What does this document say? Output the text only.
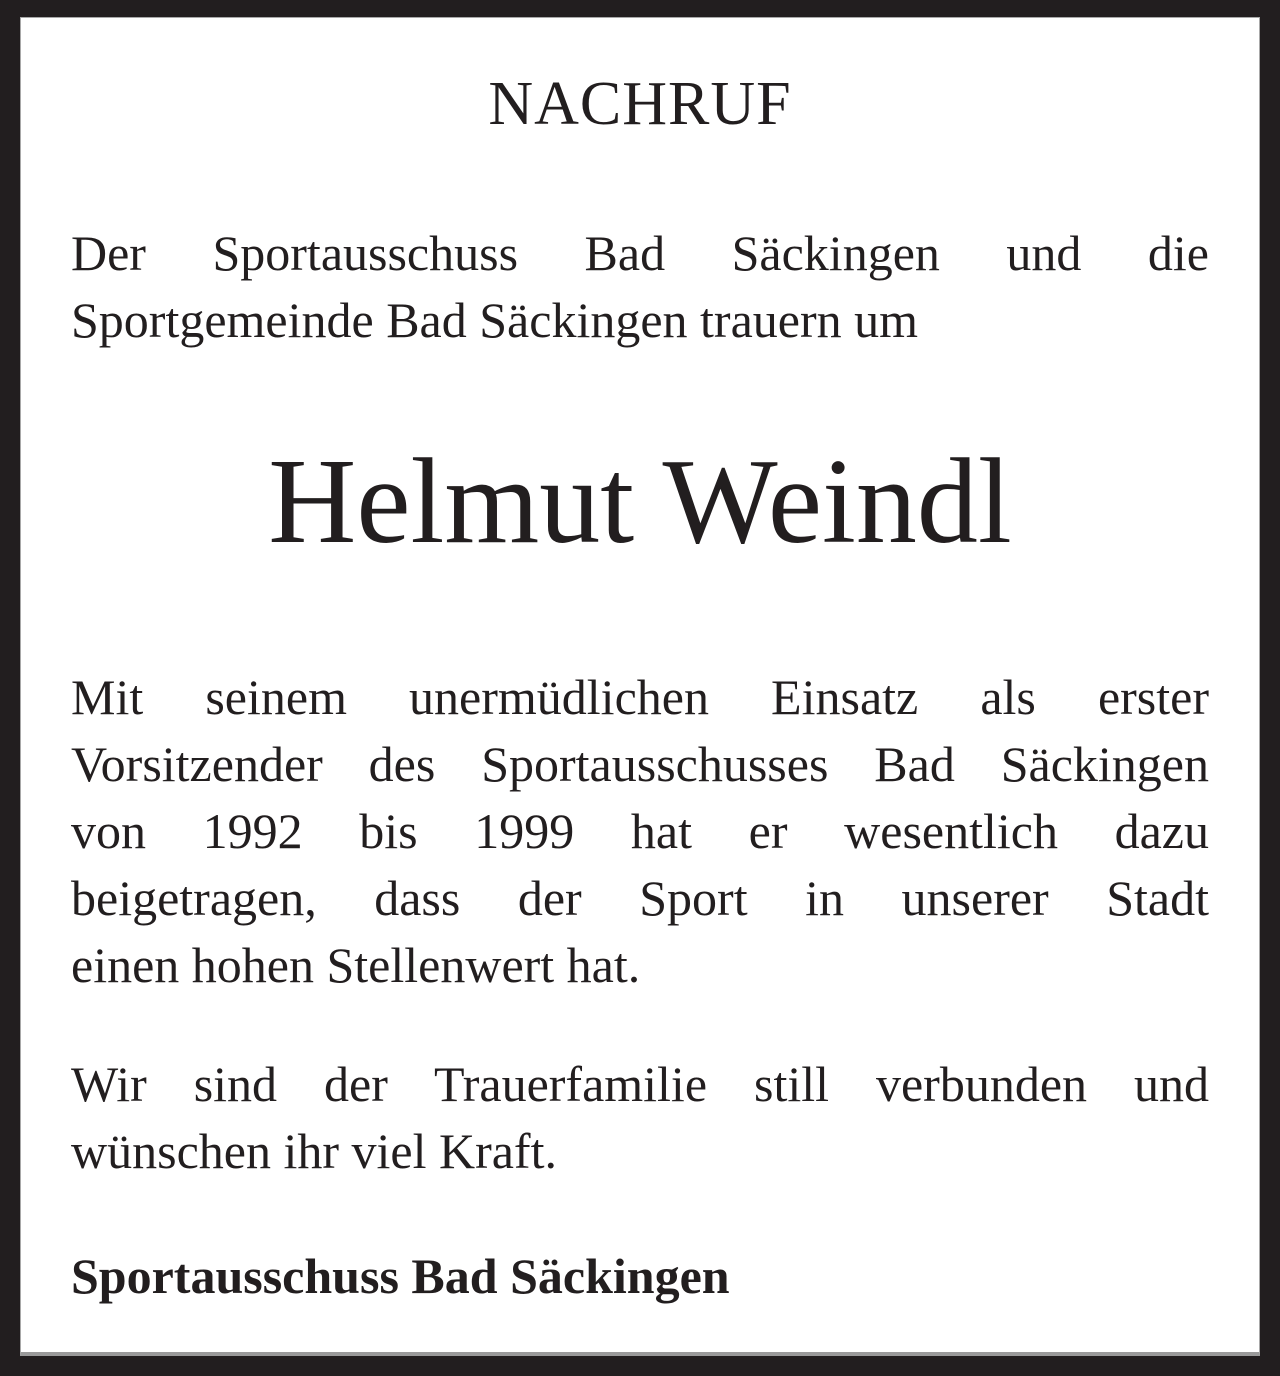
NACHRUF
Der Sportausschuss Bad Säckingen und die
Sportgemeinde Bad Säckingen trauern um
Helmut Weindl
Mit seinem unermüdlichen Einsatz als erster
Vorsitzender des Sportausschusses Bad Säckingen
von 1992 bis 1999 hat er wesentlich dazu
beigetragen, dass der Sport in unserer Stadt
einen hohen Stellenwert hat.
Wir sind der Trauerfamilie still verbunden und
wünschen ihr viel Kraft.
Sportausschuss Bad Säckingen
